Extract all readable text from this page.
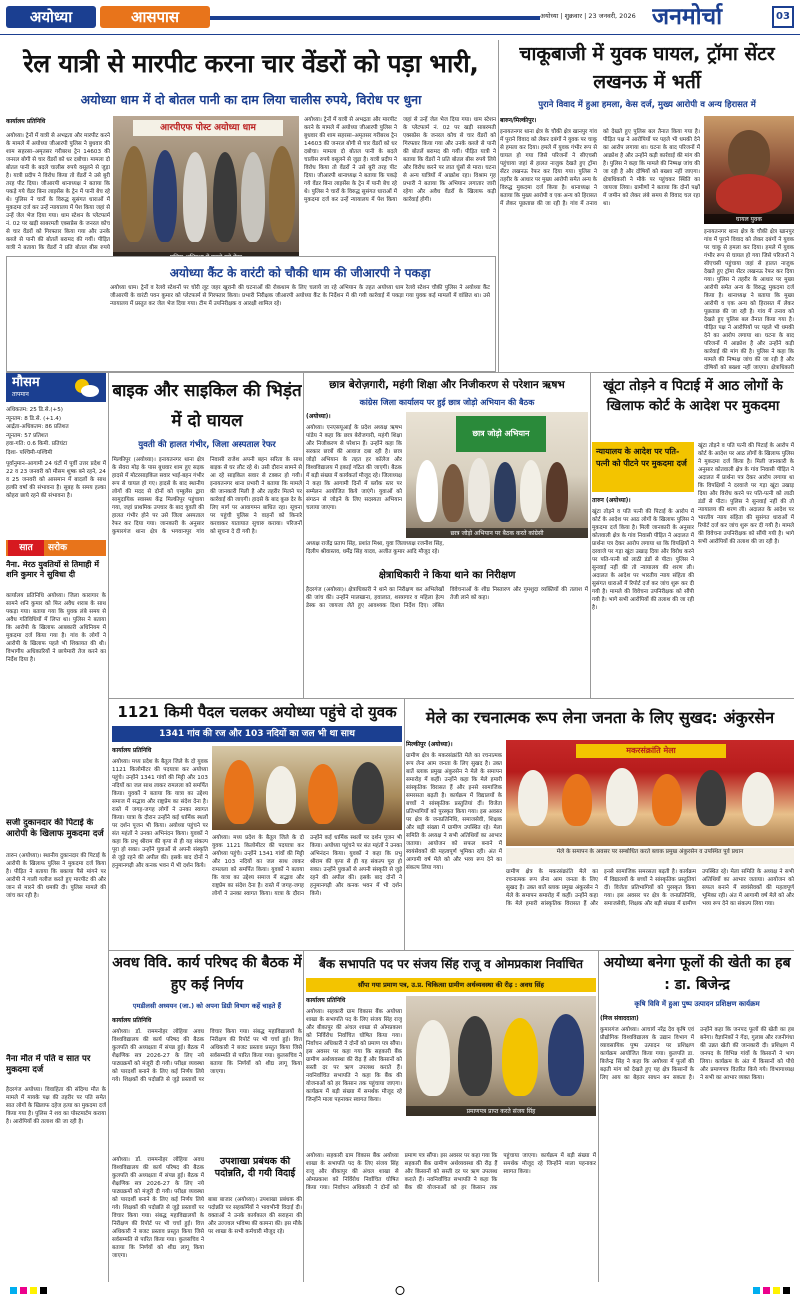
अयोध्या	आसपास	अयोध्या | शुक्रवार | 23 जनवरी, 2026 जनमोर्चा	03
रेल यात्री से मारपीट करना चार वेंडरों को पड़ा भारी,
अयोध्या धाम में दो बोतल पानी का दाम लिया चालीस रुपये, विरोध पर धुना
कार्यालय प्रतिनिधि
अयोध्या। ट्रेनों में यात्री से अभद्रता और मारपीट करने के मामले में अयोध्या जीआरपी पुलिस ने बुधवार की शाम सहरसा–अमृतसर गरीबरथ ट्रेन 14603 की जनरल बोगी से चार वेंडरों को धर दबोचा। मामला दो बोतल पानी के बदले चालीस रुपये वसूलने से जुड़ा है। यात्री प्रदीप ने विरोध किया तो वेंडरों ने उसे बुरी तरह पीट दिया। जीआरपी थानाध्यक्ष ने बताया कि पकड़े गये वेंडर बिना लाइसेंस के ट्रेन में पानी बेच रहे थे। पुलिस ने चारों के विरुद्ध सुसंगत धाराओं में मुकदमा दर्ज कर उन्हें न्यायालय में पेश किया जहां से उन्हें जेल भेज दिया गया। धाम स्टेशन के प्लेटफार्म नं. 02 पर खड़ी साबरमती एक्सप्रेस के जनरल कोच से चार वेंडरों को गिरफ्तार किया गया और उनके कब्जे से पानी की बोतलें बरामद की गयीं। पीड़ित यात्री ने बताया कि वेंडरों ने प्रति बोतल बीस रुपये
आरपीएफ पोस्ट अयोध्या धाम
अयोध्या। ट्रेनों में यात्री से अभद्रता और मारपीट करने के मामले में अयोध्या जीआरपी पुलिस ने बुधवार की शाम सहरसा–अमृतसर गरीबरथ ट्रेन 14603 की जनरल बोगी से चार वेंडरों को धर दबोचा। मामला दो बोतल पानी के बदले चालीस रुपये वसूलने से जुड़ा है। यात्री प्रदीप ने विरोध किया तो वेंडरों ने उसे बुरी तरह पीट दिया। जीआरपी थानाध्यक्ष ने बताया कि पकड़े गये वेंडर बिना लाइसेंस के ट्रेन में पानी बेच रहे थे। पुलिस ने चारों के विरुद्ध सुसंगत धाराओं में मुकदमा दर्ज कर उन्हें न्यायालय में पेश किया जहां से उन्हें जेल भेज दिया गया। धाम स्टेशन के प्लेटफार्म नं. 02 पर खड़ी साबरमती एक्सप्रेस के जनरल कोच से चार वेंडरों को गिरफ्तार किया गया और उनके कब्जे से पानी की बोतलें बरामद की गयीं। पीड़ित यात्री ने बताया कि वेंडरों ने प्रति बोतल बीस रुपये लिये और विरोध करने पर लात घूंसों से मारा। घटना से अन्य यात्रियों में आक्रोश रहा। विश्राम गृह प्रभारी ने बताया कि अभियान लगातार जारी रहेगा और अवैध वेंडरों के खिलाफ कड़ी कार्रवाई होगी।
अयोध्या कैंट के वारंटी को चौकी धाम की जीआरपी ने पकड़ा
अयोध्या धाम। ट्रेनों व रेलवे स्टेशनों पर चोरी लूट जहर खुरानी की घटनाओं की रोकथाम के लिए चलाये जा रहे अभियान के तहत अयोध्या धाम रेलवे स्टेशन चौकी पुलिस ने अयोध्या कैंट जीआरपी के वारंटी पवन कुमार को प्लेटफार्म से गिरफ्तार किया। प्रभारी निरीक्षक जीआरपी अयोध्या कैंट के निर्देशन में की गयी कार्रवाई में पकड़ा गया युवक कई मामलों में वांछित था। उसे न्यायालय में प्रस्तुत कर जेल भेज दिया गया। टीम में उपनिरीक्षक व आरक्षी शामिल रहे।
मौसम
तापमान
अधिकतम: 25 डि.से.(+5)
न्यूनतम: 8 डि.से. (+1.4)
आर्द्रता-अधिकतम: 86 प्रतिशत
न्यूनतम: 57 प्रतिशत
हवा-गति: 0.6 किमी. प्रतिघंटा
दिशा- पश्चिमी-पश्चिमी
पूर्वानुमान–आगामी 24 घंटों में पूर्वी उत्तर प्रदेश में 22 व 23 जनवरी को मौसम शुष्क बने रहने, 24 व 25 जनवरी को आसमान में बादलों के साथ हल्की वर्षा की संभावना है। सुबह के समय हल्का कोहरा छाये रहने की संभावना है।
सात	सरोक
नैना. मेरठ युवतियों से तिमाही में शनि कुमार ने सुविधा दी
कार्यालय प्रतिनिधि अयोध्या। जिला कारागार के सामने शनि कुमार को फिर अवैध शराब के साथ पकड़ा गया। बताया गया कि युवक लंबे समय से अवैध गतिविधियों में लिप्त था। पुलिस ने बताया कि आरोपी के खिलाफ आबकारी अधिनियम में मुकदमा दर्ज किया गया है। गांव के लोगों ने आरोपी के खिलाफ पहले भी शिकायत की थी। विभागीय अधिकारियों ने छापेमारी तेज करने का निर्देश दिया है।
सजी दुकानदार की पिटाई के आरोपी के खिलाफ मुकदमा दर्ज
तारुन (अयोध्या)। स्थानीय दुकानदार की पिटाई के आरोपी के खिलाफ पुलिस ने मुकदमा दर्ज किया है। पीड़ित ने बताया कि बकाया पैसे मांगने पर आरोपी ने गाली गलौज करते हुए मारपीट की और जान से मारने की धमकी दी। पुलिस मामले की जांच कर रही है।
नैना मौत में पति व सात पर मुकदमा दर्ज
हैदरगंज अयोध्या। विवाहिता की संदिग्ध मौत के मामले में मायके पक्ष की तहरीर पर पति समेत सात लोगों के खिलाफ दहेज हत्या का मुकदमा दर्ज किया गया है। पुलिस ने शव का पोस्टमार्टम कराया है। आरोपियों की तलाश की जा रही है।
चाकूबाजी में युवक घायल, ट्रॉमा सेंटर लखनऊ में भर्ती
पुराने विवाद में हुआ हमला, केस दर्ज, मुख्य आरोपी व अन्य हिरासत में
बारुन/मिल्कीपुर।
इनायतनगर थाना क्षेत्र के चौकी क्षेत्र खानपुर गांव में पुराने विवाद को लेकर दबंगों ने युवक पर चाकू से हमला कर दिया। हमले में युवक गंभीर रूप से घायल हो गया जिसे परिजनों ने सीएचसी पहुंचाया जहां से हालत नाजुक देखते हुए ट्रॉमा सेंटर लखनऊ रेफर कर दिया गया। पुलिस ने तहरीर के आधार पर मुख्य आरोपी समेत अन्य के विरुद्ध मुकदमा दर्ज किया है। थानाध्यक्ष ने बताया कि मुख्य आरोपी व एक अन्य को हिरासत में लेकर पूछताछ की जा रही है। गांव में तनाव को देखते हुए पुलिस बल तैनात किया गया है। पीड़ित पक्ष ने आरोपियों पर पहले भी धमकी देने का आरोप लगाया था। घटना के बाद परिजनों में आक्रोश है और उन्होंने कड़ी कार्रवाई की मांग की है। पुलिस ने कहा कि मामले की निष्पक्ष जांच की जा रही है और दोषियों को बख्शा नहीं जाएगा। क्षेत्राधिकारी ने मौके पर पहुंचकर स्थिति का जायजा लिया। ग्रामीणों ने बताया कि दोनों पक्षों में जमीन को लेकर लंबे समय से विवाद चल रहा था।
घायल युवक
इनायतनगर थाना क्षेत्र के चौकी क्षेत्र खानपुर गांव में पुराने विवाद को लेकर दबंगों ने युवक पर चाकू से हमला कर दिया। हमले में युवक गंभीर रूप से घायल हो गया जिसे परिजनों ने सीएचसी पहुंचाया जहां से हालत नाजुक देखते हुए ट्रॉमा सेंटर लखनऊ रेफर कर दिया गया। पुलिस ने तहरीर के आधार पर मुख्य आरोपी समेत अन्य के विरुद्ध मुकदमा दर्ज किया है। थानाध्यक्ष ने बताया कि मुख्य आरोपी व एक अन्य को हिरासत में लेकर पूछताछ की जा रही है। गांव में तनाव को देखते हुए पुलिस बल तैनात किया गया है। पीड़ित पक्ष ने आरोपियों पर पहले भी धमकी देने का आरोप लगाया था। घटना के बाद परिजनों में आक्रोश है और उन्होंने कड़ी कार्रवाई की मांग की है। पुलिस ने कहा कि मामले की निष्पक्ष जांच की जा रही है और दोषियों को बख्शा नहीं जाएगा। क्षेत्राधिकारी
बाइक और साइकिल की भिड़ंत में दो घायल
युवती की हालत गंभीर, जिला अस्पताल रेफर
मिल्कीपुर (अयोध्या)। इनायतनगर थाना क्षेत्र के सेवरा मोड़ के पास बुधवार शाम हुए सड़क हादसे में मोटरसाइकिल सवार भाई-बहन गंभीर रूप से घायल हो गए। हादसे के बाद स्थानीय लोगों की मदद से दोनों को एम्बुलेंस द्वारा सामुदायिक स्वास्थ्य केंद्र मिल्कीपुर पहुंचाया गया, जहां प्राथमिक उपचार के बाद युवती की हालत गंभीर होने पर उसे जिला अस्पताल रेफर कर दिया गया। जानकारी के अनुसार कुमारगंज थाना क्षेत्र के भगवानपुर गांव निवासी राजेश अपनी बहन सरिता के साथ बाइक से घर लौट रहे थे। उसी दौरान सामने से आ रहे साइकिल सवार से टक्कर हो गयी। इनायतनगर थाना प्रभारी ने बताया कि मामले की जानकारी मिली है और तहरीर मिलने पर कार्रवाई की जाएगी। हादसे के बाद कुछ देर के लिए मार्ग पर आवागमन बाधित रहा। सूचना पर पहुंची पुलिस ने वाहनों को किनारे करवाकर यातायात सुचारु कराया। परिजनों को सूचना दे दी गयी है।
छात्र बेरोज़गारी, महंगी शिक्षा और निजीकरण से परेशान ऋषभ
कांग्रेस जिला कार्यालय पर हुई छात्र जोड़ो अभियान की बैठक
(अयोध्या)।
अयोध्या। एनएसयूआई के प्रदेश अध्यक्ष ऋषभ पांडेय ने कहा कि छात्र बेरोजगारी, महंगी शिक्षा और निजीकरण से परेशान हैं। उन्होंने कहा कि सरकार छात्रों की आवाज दबा रही है। छात्र जोड़ो अभियान के तहत हर कॉलेज और विश्वविद्यालय में इकाई गठित की जाएगी। बैठक में बड़ी संख्या में कार्यकर्ता मौजूद रहे। जिलाध्यक्ष ने कहा कि आगामी दिनों में ब्लॉक स्तर पर सम्मेलन आयोजित किये जाएंगे। युवाओं को संगठन से जोड़ने के लिए सदस्यता अभियान चलाया जाएगा।
छात्र जोड़ो अभियान
छात्र जोड़ो अभियान पर बैठक करते कांग्रेसी
अध्यक्ष राजेंद्र प्रताप सिंह, प्रशांत मिश्रा, युवा जिलाध्यक्ष रजनीश सिंह, दिलीप श्रीवास्तव, धर्मेंद्र सिंह यादव, अजीत कुमार आदि मौजूद रहे।
क्षेत्राधिकारी ने किया थाने का निरीक्षण
हैदरगंज (अयोध्या)। क्षेत्राधिकारी ने थाने का निरीक्षण कर अभिलेखों की जांच की। उन्होंने मालखाना, हवालात, शस्त्रागार व महिला हेल्प डेस्क का जायजा लेते हुए आवश्यक दिशा निर्देश दिए। लंबित विवेचनाओं के शीघ्र निस्तारण और गुमशुदा व्यक्तियों की तलाश में तेजी लाने को कहा।
खूंटा तोड़ने व पिटाई में आठ लोगों के खिलाफ कोर्ट के आदेश पर मुकदमा
न्यायालय के आदेश पर पति-पत्नी को पीटने पर मुकदमा दर्ज
तारुन (अयोध्या)।
खूंटा तोड़ने व पति पत्नी की पिटाई के आरोप में कोर्ट के आदेश पर आठ लोगों के खिलाफ पुलिस ने मुकदमा दर्ज किया है। मिली जानकारी के अनुसार कोतवाली क्षेत्र के गांव निवासी पीड़ित ने अदालत में प्रार्थना पत्र देकर आरोप लगाया था कि विपक्षियों ने दरवाजे पर गड़ा खूंटा उखाड़ दिया और विरोध करने पर पति-पत्नी को लाठी डंडों से पीटा। पुलिस ने सुनवाई नहीं की तो न्यायालय की शरण ली। अदालत के आदेश पर भारतीय न्याय संहिता की सुसंगत धाराओं में रिपोर्ट दर्ज कर जांच शुरू कर दी गयी है। मामले की विवेचना उपनिरीक्षक को सौंपी गयी है। भागे सभी आरोपियों की तलाश की जा रही है।
खूंटा तोड़ने व पति पत्नी की पिटाई के आरोप में कोर्ट के आदेश पर आठ लोगों के खिलाफ पुलिस ने मुकदमा दर्ज किया है। मिली जानकारी के अनुसार कोतवाली क्षेत्र के गांव निवासी पीड़ित ने अदालत में प्रार्थना पत्र देकर आरोप लगाया था कि विपक्षियों ने दरवाजे पर गड़ा खूंटा उखाड़ दिया और विरोध करने पर पति-पत्नी को लाठी डंडों से पीटा। पुलिस ने सुनवाई नहीं की तो न्यायालय की शरण ली। अदालत के आदेश पर भारतीय न्याय संहिता की सुसंगत धाराओं में रिपोर्ट दर्ज कर जांच शुरू कर दी गयी है। मामले की विवेचना उपनिरीक्षक को सौंपी गयी है। भागे सभी आरोपियों की तलाश की जा रही है।
1121 किमी पैदल चलकर अयोध्या पहुंचे दो युवक
1341 गांव की रज और 103 नदियों का जल भी था साथ
कार्यालय प्रतिनिधि
अयोध्या। मध्य प्रदेश के बैतूल जिले के दो युवक 1121 किलोमीटर की पदयात्रा कर अयोध्या पहुंचे। उन्होंने 1341 गांवों की मिट्टी और 103 नदियों का जल साथ लाकर रामलला को समर्पित किया। युवकों ने बताया कि यात्रा का उद्देश्य समाज में सद्भाव और राष्ट्रप्रेम का संदेश देना है। रास्ते में जगह-जगह लोगों ने उनका स्वागत किया। यात्रा के दौरान उन्होंने कई धार्मिक स्थलों पर दर्शन पूजन भी किया। अयोध्या पहुंचने पर संत महंतों ने उनका अभिनंदन किया। युवकों ने कहा कि प्रभु श्रीराम की कृपा से ही यह संकल्प पूरा हो सका। उन्होंने युवाओं से अपनी संस्कृति से जुड़े रहने की अपील की। इसके बाद दोनों ने हनुमानगढ़ी और कनक भवन में भी दर्शन किये।
अयोध्या। मध्य प्रदेश के बैतूल जिले के दो युवक 1121 किलोमीटर की पदयात्रा कर अयोध्या पहुंचे। उन्होंने 1341 गांवों की मिट्टी और 103 नदियों का जल साथ लाकर रामलला को समर्पित किया। युवकों ने बताया कि यात्रा का उद्देश्य समाज में सद्भाव और राष्ट्रप्रेम का संदेश देना है। रास्ते में जगह-जगह लोगों ने उनका स्वागत किया। यात्रा के दौरान उन्होंने कई धार्मिक स्थलों पर दर्शन पूजन भी किया। अयोध्या पहुंचने पर संत महंतों ने उनका अभिनंदन किया। युवकों ने कहा कि प्रभु श्रीराम की कृपा से ही यह संकल्प पूरा हो सका। उन्होंने युवाओं से अपनी संस्कृति से जुड़े रहने की अपील की। इसके बाद दोनों ने हनुमानगढ़ी और कनक भवन में भी दर्शन किये।
मेले का रचनात्मक रूप लेना जनता के लिए सुखद: अंकुरसेन
मिल्कीपुर (अयोध्या)।
ग्रामीण क्षेत्र के मकरसंक्रांति मेले का रचनात्मक रूप लेना आम जनता के लिए सुखद है। उक्त बातें ब्लाक प्रमुख अंकुरसेन ने मेले के समापन समारोह में कहीं। उन्होंने कहा कि मेले हमारी सांस्कृतिक विरासत हैं और इनसे सामाजिक समरसता बढ़ती है। कार्यक्रम में विद्यालयों के बच्चों ने सांस्कृतिक प्रस्तुतियां दीं। विजेता प्रतिभागियों को पुरस्कृत किया गया। इस अवसर पर क्षेत्र के जनप्रतिनिधि, समाजसेवी, शिक्षक और बड़ी संख्या में ग्रामीण उपस्थित रहे। मेला समिति के अध्यक्ष ने सभी अतिथियों का आभार जताया। आयोजन को सफल बनाने में स्वयंसेवकों की महत्वपूर्ण भूमिका रही। अंत में आगामी वर्ष मेले को और भव्य रूप देने का संकल्प लिया गया।
मकरसंक्रांति मेला
मेले के समापन के अवसर पर सम्बोधित करते ब्लाक प्रमुख अंकुरसेन व उपस्थित पूर्व प्रधान
ग्रामीण क्षेत्र के मकरसंक्रांति मेले का रचनात्मक रूप लेना आम जनता के लिए सुखद है। उक्त बातें ब्लाक प्रमुख अंकुरसेन ने मेले के समापन समारोह में कहीं। उन्होंने कहा कि मेले हमारी सांस्कृतिक विरासत हैं और इनसे सामाजिक समरसता बढ़ती है। कार्यक्रम में विद्यालयों के बच्चों ने सांस्कृतिक प्रस्तुतियां दीं। विजेता प्रतिभागियों को पुरस्कृत किया गया। इस अवसर पर क्षेत्र के जनप्रतिनिधि, समाजसेवी, शिक्षक और बड़ी संख्या में ग्रामीण उपस्थित रहे। मेला समिति के अध्यक्ष ने सभी अतिथियों का आभार जताया। आयोजन को सफल बनाने में स्वयंसेवकों की महत्वपूर्ण भूमिका रही। अंत में आगामी वर्ष मेले को और भव्य रूप देने का संकल्प लिया गया।
अवध विवि. कार्य परिषद की बैठक में हुए कई निर्णय
एमडीलसी अध्ययन (जा.) को अपना डिग्री विभाग कहें चाहते हैं
कार्यालय प्रतिनिधि
अयोध्या। डॉ. राममनोहर लोहिया अवध विश्वविद्यालय की कार्य परिषद की बैठक कुलपति की अध्यक्षता में संपन्न हुई। बैठक में शैक्षणिक सत्र 2026-27 के लिए नये पाठ्यक्रमों को मंजूरी दी गयी। परीक्षा व्यवस्था को पारदर्शी बनाने के लिए कई निर्णय लिये गये। शिक्षकों की पदोन्नति से जुड़े प्रस्तावों पर विचार किया गया। संबद्ध महाविद्यालयों के निरीक्षण की रिपोर्ट पर भी चर्चा हुई। वित्त अधिकारी ने बजट प्रस्ताव प्रस्तुत किया जिसे सर्वसम्मति से पारित किया गया। कुलसचिव ने बताया कि निर्णयों को शीघ्र लागू किया जाएगा।
उपशाखा प्रबंधक की पदोन्नति, दी गयी विदाई
अयोध्या। डॉ. राममनोहर लोहिया अवध विश्वविद्यालय की कार्य परिषद की बैठक कुलपति की अध्यक्षता में संपन्न हुई। बैठक में शैक्षणिक सत्र 2026-27 के लिए नये पाठ्यक्रमों को मंजूरी दी गयी। परीक्षा व्यवस्था को पारदर्शी बनाने के लिए कई निर्णय लिये गये। शिक्षकों की पदोन्नति से जुड़े प्रस्तावों पर विचार किया गया। संबद्ध महाविद्यालयों के निरीक्षण की रिपोर्ट पर भी चर्चा हुई। वित्त अधिकारी ने बजट प्रस्ताव प्रस्तुत किया जिसे सर्वसम्मति से पारित किया गया। कुलसचिव ने बताया कि निर्णयों को शीघ्र लागू किया जाएगा।
बाबा बाजार (अयोध्या)। उपशाखा प्रबंधक की पदोन्नति पर सहकर्मियों ने भावभीनी विदाई दी। वक्ताओं ने उनके कार्यकाल की सराहना की और उज्ज्वल भविष्य की कामना की। इस मौके पर शाखा के सभी कर्मचारी मौजूद रहे।
बैंक सभापति पद पर संजय सिंह राजू व ओमप्रकाश निर्वाचित
सौंपा गया प्रमाण पत्र, उ.प्र. चिकित्सा ग्रामीण अर्थव्यवस्था की रीढ़ : अवध सिंह
कार्यालय प्रतिनिधि
अयोध्या। सहकारी ग्राम विकास बैंक अयोध्या शाखा के सभापति पद के लिए संजय सिंह राजू और बीकापुर की अंचल शाखा से ओमप्रकाश को निर्विरोध निर्वाचित घोषित किया गया। निर्वाचन अधिकारी ने दोनों को प्रमाण पत्र सौंपा। इस अवसर पर कहा गया कि सहकारी बैंक ग्रामीण अर्थव्यवस्था की रीढ़ हैं और किसानों को सस्ती दर पर ऋण उपलब्ध कराते हैं। नवनिर्वाचित सभापति ने कहा कि बैंक की योजनाओं को हर किसान तक पहुंचाया जाएगा। कार्यक्रम में बड़ी संख्या में समर्थक मौजूद रहे जिन्होंने माला पहनाकर स्वागत किया।
प्रमाणपत्र प्राप्त करते संजय सिंह
अयोध्या। सहकारी ग्राम विकास बैंक अयोध्या शाखा के सभापति पद के लिए संजय सिंह राजू और बीकापुर की अंचल शाखा से ओमप्रकाश को निर्विरोध निर्वाचित घोषित किया गया। निर्वाचन अधिकारी ने दोनों को प्रमाण पत्र सौंपा। इस अवसर पर कहा गया कि सहकारी बैंक ग्रामीण अर्थव्यवस्था की रीढ़ हैं और किसानों को सस्ती दर पर ऋण उपलब्ध कराते हैं। नवनिर्वाचित सभापति ने कहा कि बैंक की योजनाओं को हर किसान तक पहुंचाया जाएगा। कार्यक्रम में बड़ी संख्या में समर्थक मौजूद रहे जिन्होंने माला पहनाकर स्वागत किया।
अयोध्या बनेगा फूलों की खेती का हब : डा. बिजेन्द्र
कृषि विवि में हुआ पुष्प उत्पादन प्रशिक्षण कार्यक्रम
(निज संवाददाता)
कुमारगंज अयोध्या। आचार्य नरेंद्र देव कृषि एवं प्रौद्योगिक विश्वविद्यालय के उद्यान विभाग में व्यावसायिक पुष्प उत्पादन पर प्रशिक्षण कार्यक्रम आयोजित किया गया। कुलपति डा. बिजेन्द्र सिंह ने कहा कि अयोध्या में फूलों की बढ़ती मांग को देखते हुए यह क्षेत्र किसानों के लिए आय का बेहतर साधन बन सकता है। उन्होंने कहा कि जनपद फूलों की खेती का हब बनेगा। वैज्ञानिकों ने गेंदा, गुलाब और रजनीगंधा की उन्नत खेती की जानकारी दी। प्रशिक्षण में जनपद के विभिन्न गांवों के किसानों ने भाग लिया। कार्यक्रम के अंत में किसानों को पौधे और प्रमाणपत्र वितरित किये गये। विभागाध्यक्ष ने सभी का आभार व्यक्त किया।
